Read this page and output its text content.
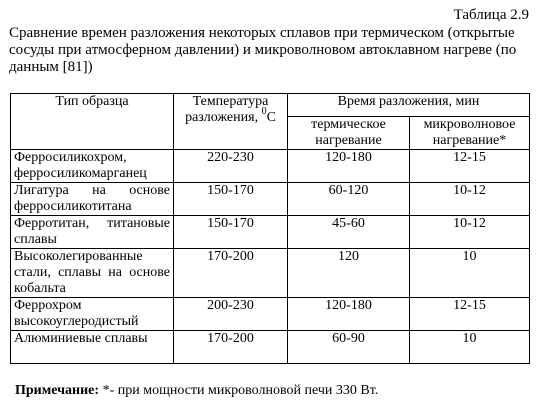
Таблица 2.9
Сравнение времен разложения некоторых сплавов при термическом (открытые сосуды при атмосферном давлении) и микроволновом автоклавном нагреве (по данным [81])
Тип образца	Температура разложения, $^0$С	Время разложения, мин	
		термическое нагревание	микроволновое нагревание*
Ферросиликохром, ферросиликомарганец	220-230	120-180	12-15
Лигатура на основе ферросиликотитана	150-170	60-120	10-12
Ферротитан, титановые сплавы	150-170	45-60	10-12
Высоколегированные стали, сплавы на основе кобальта	170-200	120	10
Феррохром высокоуглеродистый	200-230	120-180	12-15
Алюминиевые сплавы	170-200	60-90	10
Примечание: *- при мощности микроволновой печи 330 Вт.
